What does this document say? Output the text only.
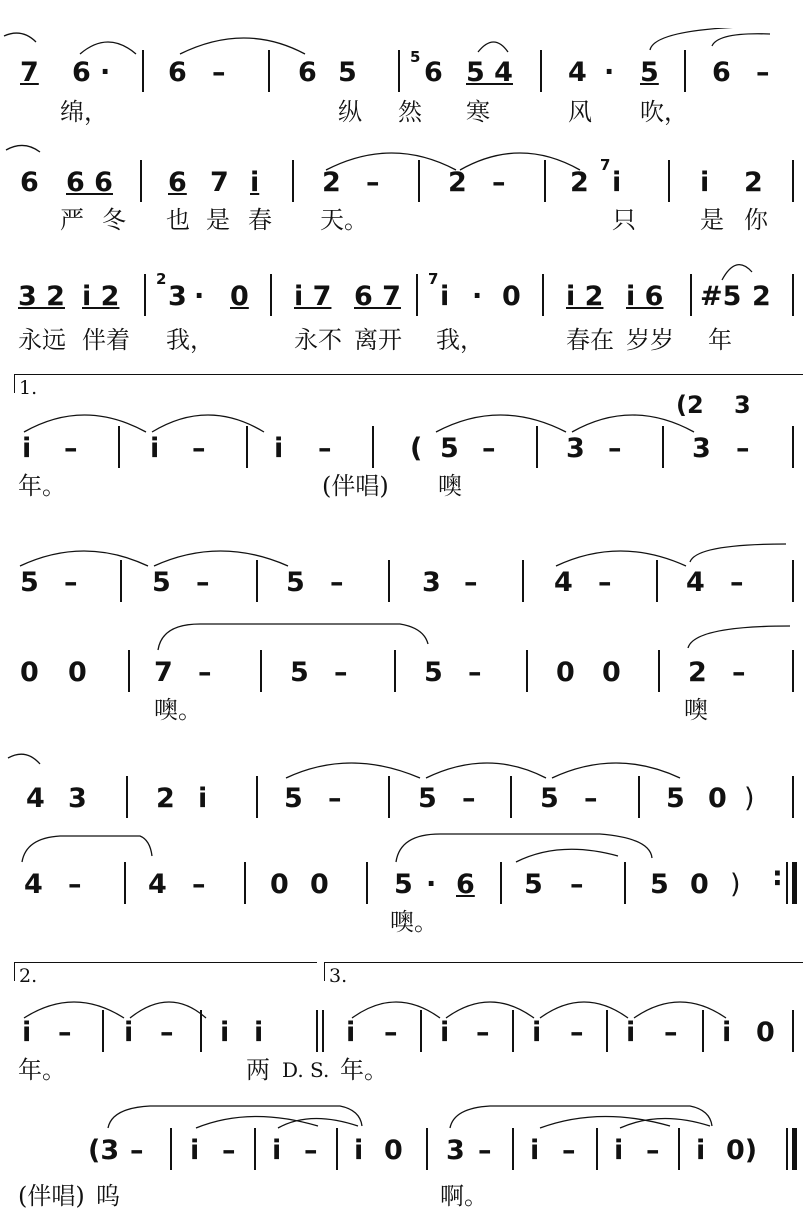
7 6 · 6 –	6 5	5 6 5 4 4 · 5 6 –
绵，	纵 然 寒	风 吹，
6 6 6 6 7 i 2 –	2 – 2
7
i	i 2
严 冬 也 是 春 天。	只	是 你
3 2 i 2
2
3 · 0 i 7 6 7
7
i · 0 i 2 i 6 #5 2
永远 伴着 我，	永不 离开 我，	春在 岁岁 年
1.
i –	i –	i –	( 5 –	3 –	3 –
(2 3
年。	(伴唱) 噢
5 –	5 –	5 –	3 –	4 –	4 –
0 0 7 –	5 –	5 –	0 0 2 –
噢。	噢
4 3	2 i	5 –	5 – 5 –	5 0 )
4 – 4 – 0 0 5 · 6 5 – 5 0 ) :
噢。
2.	3.
i – i – i i	i – i – i – i – i 0
年。	两 D. S. 年。
(3 – i – i – i 0 3 – i – i – i 0)
(伴唱) 呜	啊。
